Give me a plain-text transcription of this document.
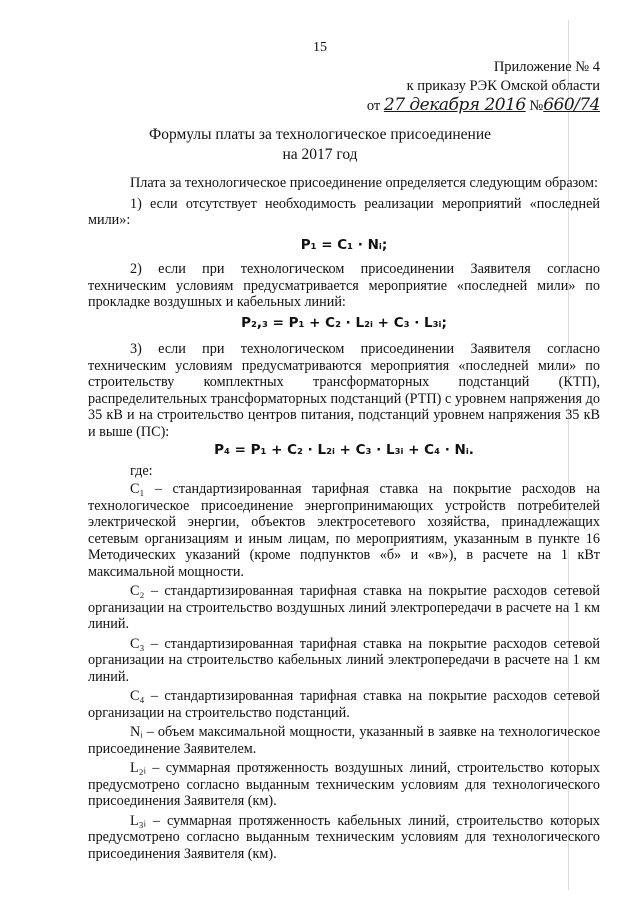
15
Приложение № 4
к приказу РЭК Омской области
от 27 декабря 2016 №660/74
Формулы платы за технологическое присоединение
на 2017 год

Плата за технологическое присоединение определяется следующим образом:

1) если отсутствует необходимость реализации мероприятий «последней мили»:

P₁ = C₁ · Nᵢ;

2) если при технологическом присоединении Заявителя согласно техническим условиям предусматривается мероприятие «последней мили» по прокладке воздушных и кабельных линий:

P₂,₃ = P₁ + C₂ · L₂ᵢ + C₃ · L₃ᵢ;

3) если при технологическом присоединении Заявителя согласно техническим условиям предусматриваются мероприятия «последней мили» по строительству комплектных трансформаторных подстанций (КТП), распределительных трансформаторных подстанций (РТП) с уровнем напряжения до 35 кВ и на строительство центров питания, подстанций уровнем напряжения 35 кВ и выше (ПС):

P₄ = P₁ + C₂ · L₂ᵢ + C₃ · L₃ᵢ + C₄ · Nᵢ.

где:

C₁ – стандартизированная тарифная ставка на покрытие расходов на технологическое присоединение энергопринимающих устройств потребителей электрической энергии, объектов электросетевого хозяйства, принадлежащих сетевым организациям и иным лицам, по мероприятиям, указанным в пункте 16 Методических указаний (кроме подпунктов «б» и «в»), в расчете на 1 кВт максимальной мощности.

C₂ – стандартизированная тарифная ставка на покрытие расходов сетевой организации на строительство воздушных линий электропередачи в расчете на 1 км линий.

C₃ – стандартизированная тарифная ставка на покрытие расходов сетевой организации на строительство кабельных линий электропередачи в расчете на 1 км линий.

C₄ – стандартизированная тарифная ставка на покрытие расходов сетевой организации на строительство подстанций.

Nᵢ – объем максимальной мощности, указанный в заявке на технологическое присоединение Заявителем.

L₂ᵢ – суммарная протяженность воздушных линий, строительство которых предусмотрено согласно выданным техническим условиям для технологического присоединения Заявителя (км).

L₃ᵢ – суммарная протяженность кабельных линий, строительство которых предусмотрено согласно выданным техническим условиям для технологического присоединения Заявителя (км).
